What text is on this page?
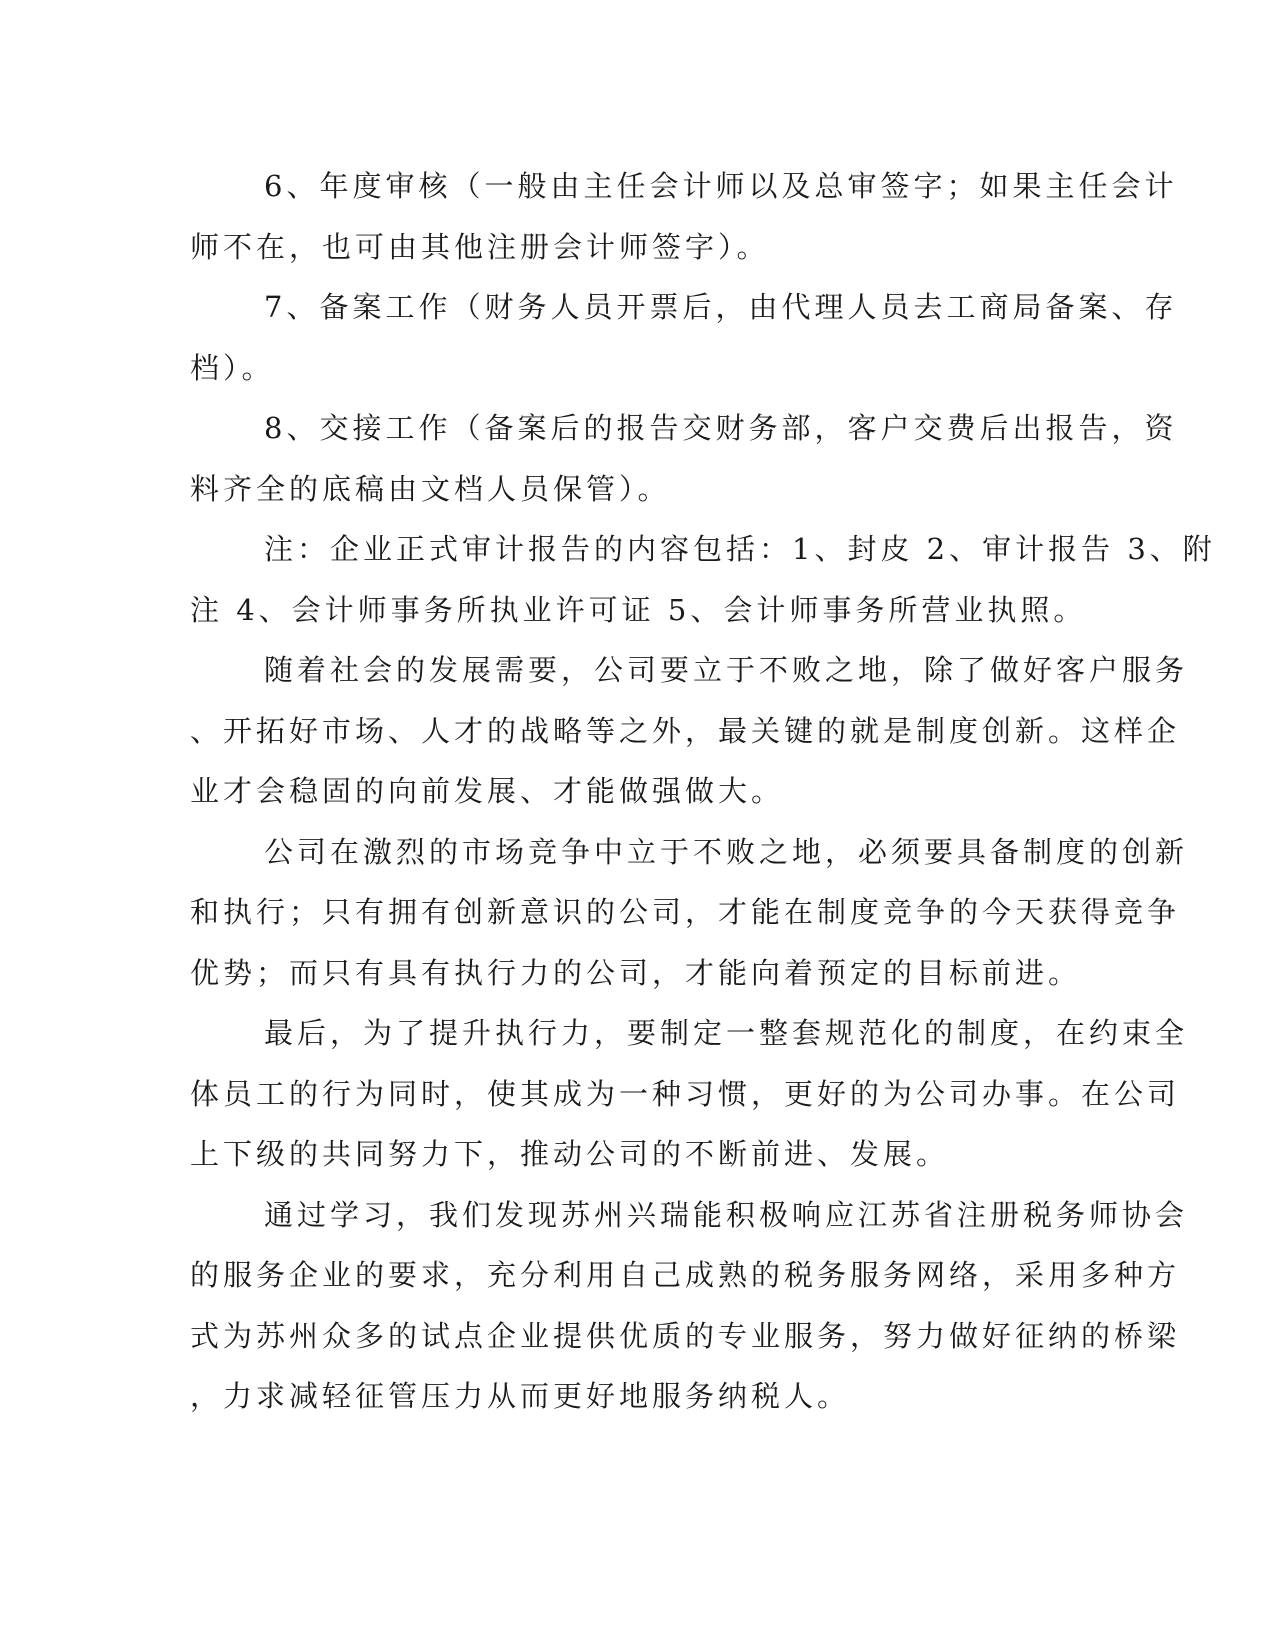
6、年度审核（一般由主任会计师以及总审签字；如果主任会计
师不在，也可由其他注册会计师签字）。

7、备案工作（财务人员开票后，由代理人员去工商局备案、存
档）。

8、交接工作（备案后的报告交财务部，客户交费后出报告，资
料齐全的底稿由文档人员保管）。

注：企业正式审计报告的内容包括：1、封皮 2、审计报告 3、附
注 4、会计师事务所执业许可证 5、会计师事务所营业执照。

随着社会的发展需要，公司要立于不败之地，除了做好客户服务
、开拓好市场、人才的战略等之外，最关键的就是制度创新。这样企
业才会稳固的向前发展、才能做强做大。

公司在激烈的市场竞争中立于不败之地，必须要具备制度的创新
和执行；只有拥有创新意识的公司，才能在制度竞争的今天获得竞争
优势；而只有具有执行力的公司，才能向着预定的目标前进。

最后，为了提升执行力，要制定一整套规范化的制度，在约束全
体员工的行为同时，使其成为一种习惯，更好的为公司办事。在公司
上下级的共同努力下，推动公司的不断前进、发展。

通过学习，我们发现苏州兴瑞能积极响应江苏省注册税务师协会
的服务企业的要求，充分利用自己成熟的税务服务网络，采用多种方
式为苏州众多的试点企业提供优质的专业服务，努力做好征纳的桥梁
，力求减轻征管压力从而更好地服务纳税人。
